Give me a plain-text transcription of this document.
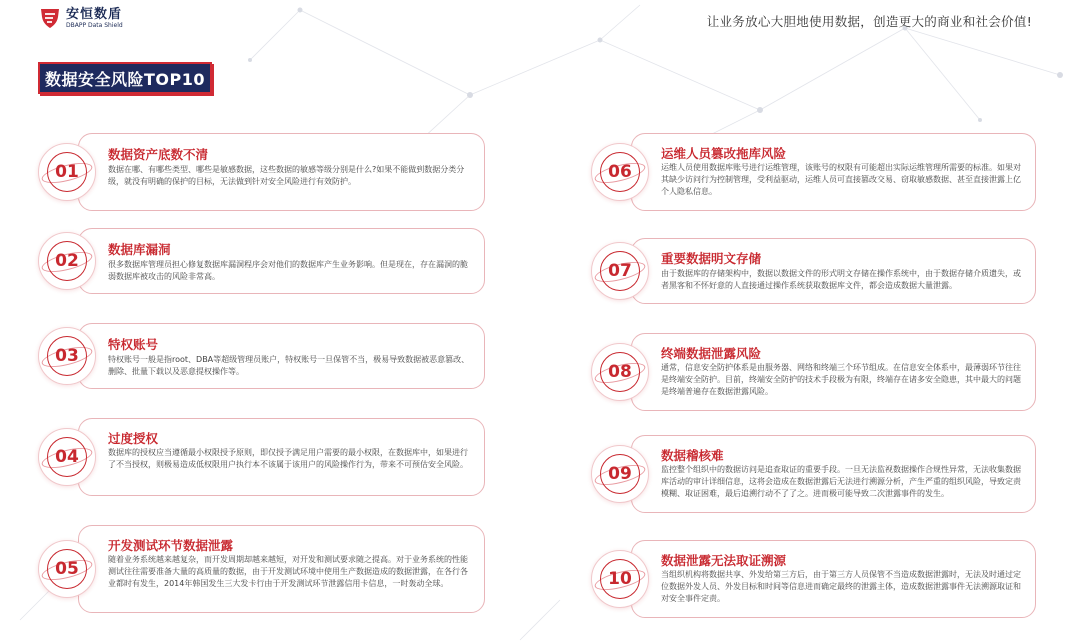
安恒数盾
DBAPP Data Shield	让业务放心大胆地使用数据，创造更大的商业和社会价值!
数据安全风险TOP10
01
数据资产底数不清
数据在哪、有哪些类型、哪些是敏感数据，这些数据的敏感等级分别是什么?如果不能做到数据分类分级，就没有明确的保护的目标，无法做到针对安全风险进行有效防护。
02
数据库漏洞
很多数据库管理员担心修复数据库漏洞程序会对他们的数据库产生业务影响。但是现在，存在漏洞的脆弱数据库被攻击的风险非常高。
03
特权账号
特权账号一般是指root、DBA等超级管理员账户，特权账号一旦保管不当，极易导致数据被恶意篡改、删除、批量下载以及恶意提权操作等。
04
过度授权
数据库的授权应当遵循最小权限授予原则，即仅授予满足用户需要的最小权限，在数据库中，如果进行了不当授权，则极易造成低权限用户执行本不该属于该用户的风险操作行为，带来不可预估安全风险。
05
开发测试环节数据泄露
随着业务系统越来越复杂，而开发周期却越来越短，对开发和测试要求随之提高。对于业务系统的性能测试往往需要准备大量的高质量的数据，由于开发测试环境中使用生产数据造成的数据泄露，在各行各业都时有发生，2014年韩国发生三大发卡行由于开发测试环节泄露信用卡信息，一时轰动全球。
06
运维人员篡改拖库风险
运维人员使用数据库账号进行运维管理，该账号的权限有可能超出实际运维管理所需要的标准。如果对其缺少访问行为控制管理，受利益驱动，运维人员可直接篡改交易、窃取敏感数据、甚至直接泄露上亿个人隐私信息。
07
重要数据明文存储
由于数据库的存储架构中，数据以数据文件的形式明文存储在操作系统中，由于数据存储介质遗失，或者黑客和不怀好意的人直接通过操作系统获取数据库文件，都会造成数据大量泄露。
08
终端数据泄露风险
通常，信息安全防护体系是由服务器、网络和终端三个环节组成。在信息安全体系中，最薄弱环节往往是终端安全防护。目前，终端安全防护的技术手段极为有限，终端存在诸多安全隐患，其中最大的问题是终端普遍存在数据泄露风险。
09
数据稽核难
监控整个组织中的数据访问是追查取证的重要手段。一旦无法监视数据操作合规性异常，无法收集数据库活动的审计详细信息，这将会造成在数据泄露后无法进行溯源分析，产生严重的组织风险，导致定责模糊、取证困难，最后追溯行动不了了之。进而极可能导致二次泄露事件的发生。
10
数据泄露无法取证溯源
当组织机构将数据共享、外发给第三方后，由于第三方人员保管不当造成数据泄露时，无法及时通过定位数据外发人员、外发目标和时间等信息进而确定最终的泄露主体，造成数据泄露事件无法溯源取证和对安全事件定责。
